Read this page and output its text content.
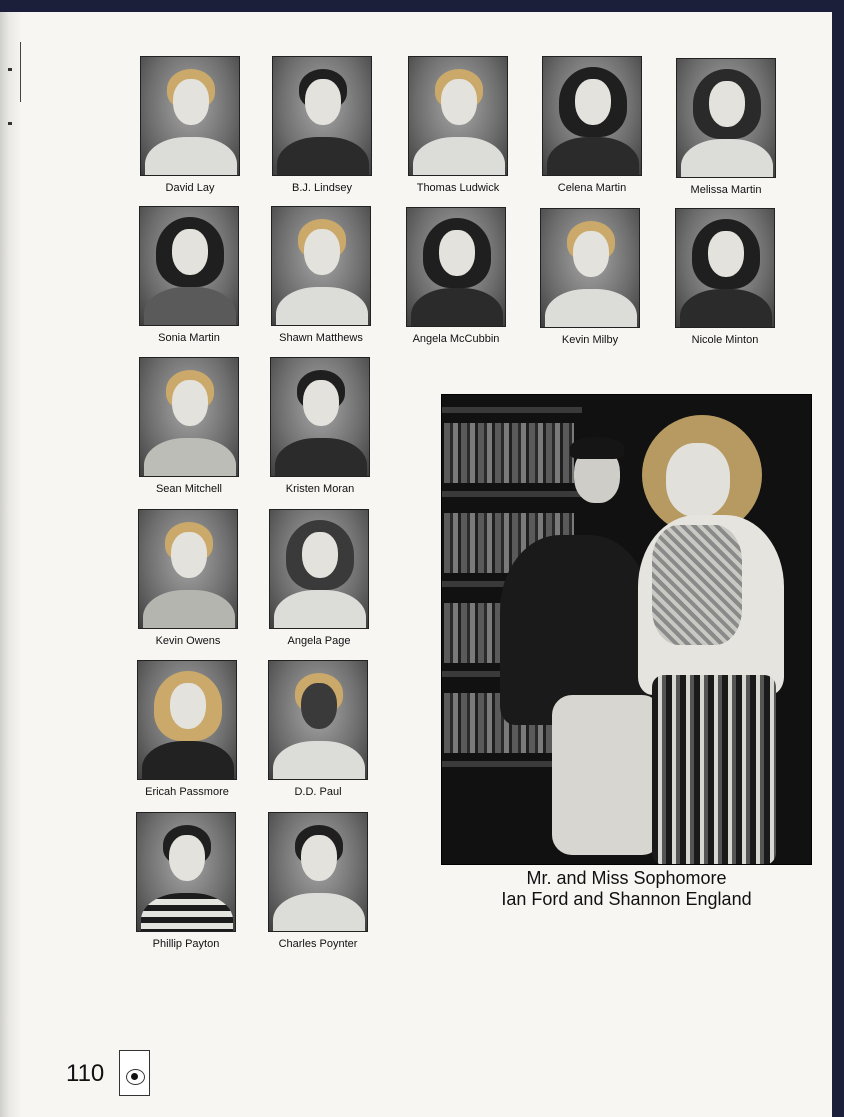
David Lay	B.J. Lindsey	Thomas Ludwick	Celena Martin	Melissa Martin
Sonia Martin	Shawn Matthews	Angela McCubbin	Kevin Milby	Nicole Minton
Sean Mitchell	Kristen Moran
Kevin Owens	Angela Page
Ericah Passmore	D.D. Paul
Phillip Payton	Charles Poynter
Mr. and Miss Sophomore
Ian Ford and Shannon England
110
